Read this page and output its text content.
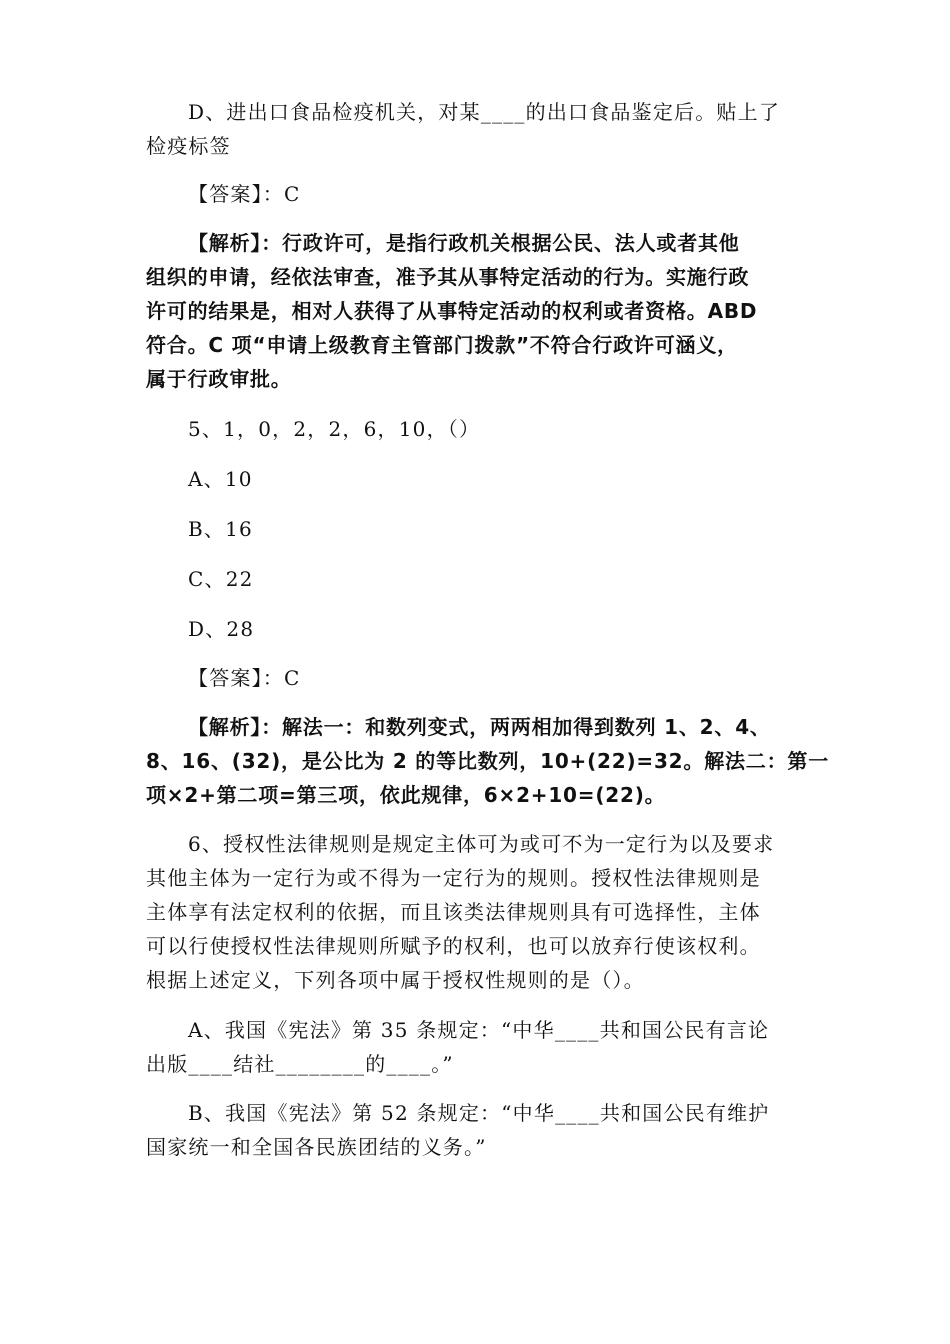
D、进出口食品检疫机关，对某____的出口食品鉴定后。贴上了
检疫标签
【答案】：C
【解析】：行政许可，是指行政机关根据公民、法人或者其他
组织的申请，经依法审查，准予其从事特定活动的行为。实施行政
许可的结果是，相对人获得了从事特定活动的权利或者资格。ABD
符合。C 项“申请上级教育主管部门拨款”不符合行政许可涵义，
属于行政审批。
5、1，0，2，2，6，10，（）
A、10
B、16
C、22
D、28
【答案】：C
【解析】：解法一：和数列变式，两两相加得到数列 1、2、4、
8、16、(32)，是公比为 2 的等比数列，10+(22)=32。解法二：第一
项×2+第二项=第三项，依此规律，6×2+10=(22)。
6、授权性法律规则是规定主体可为或可不为一定行为以及要求
其他主体为一定行为或不得为一定行为的规则。授权性法律规则是
主体享有法定权利的依据，而且该类法律规则具有可选择性，主体
可以行使授权性法律规则所赋予的权利，也可以放弃行使该权利。
根据上述定义，下列各项中属于授权性规则的是（）。
A、我国《宪法》第 35 条规定：“中华____共和国公民有言论
出版____结社________的____。”
B、我国《宪法》第 52 条规定：“中华____共和国公民有维护
国家统一和全国各民族团结的义务。”
